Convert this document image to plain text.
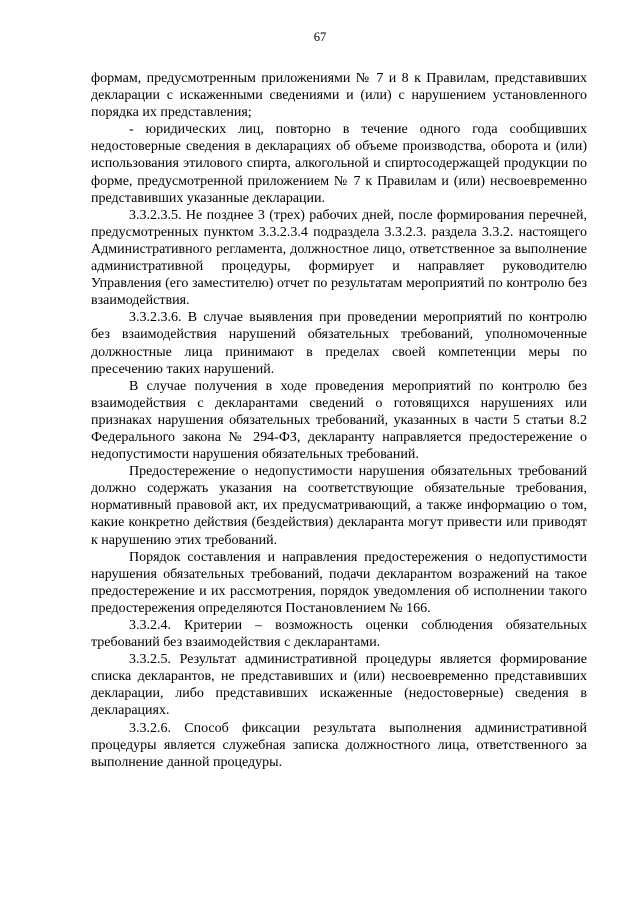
67

формам, предусмотренным приложениями № 7 и 8 к Правилам, представивших декларации с искаженными сведениями и (или) с нарушением установленного порядка их представления;

- юридических лиц, повторно в течение одного года сообщивших недостоверные сведения в декларациях об объеме производства, оборота и (или) использования этилового спирта, алкогольной и спиртосодержащей продукции по форме, предусмотренной приложением № 7 к Правилам и (или) несвоевременно представивших указанные декларации.

3.3.2.3.5. Не позднее 3 (трех) рабочих дней, после формирования перечней, предусмотренных пунктом 3.3.2.3.4 подраздела 3.3.2.3. раздела 3.3.2. настоящего Административного регламента, должностное лицо, ответственное за выполнение административной процедуры, формирует и направляет руководителю Управления (его заместителю) отчет по результатам мероприятий по контролю без взаимодействия.

3.3.2.3.6. В случае выявления при проведении мероприятий по контролю без взаимодействия нарушений обязательных требований, уполномоченные должностные лица принимают в пределах своей компетенции меры по пресечению таких нарушений.

В случае получения в ходе проведения мероприятий по контролю без взаимодействия с декларантами сведений о готовящихся нарушениях или признаках нарушения обязательных требований, указанных в части 5 статьи 8.2 Федерального закона № 294-ФЗ, декларанту направляется предостережение о недопустимости нарушения обязательных требований.

Предостережение о недопустимости нарушения обязательных требований должно содержать указания на соответствующие обязательные требования, нормативный правовой акт, их предусматривающий, а также информацию о том, какие конкретно действия (бездействия) декларанта могут привести или приводят к нарушению этих требований.

Порядок составления и направления предостережения о недопустимости нарушения обязательных требований, подачи декларантом возражений на такое предостережение и их рассмотрения, порядок уведомления об исполнении такого предостережения определяются Постановлением № 166.

3.3.2.4. Критерии – возможность оценки соблюдения обязательных требований без взаимодействия с декларантами.

3.3.2.5. Результат административной процедуры является формирование списка декларантов, не представивших и (или) несвоевременно представивших декларации, либо представивших искаженные (недостоверные) сведения в декларациях.

3.3.2.6. Способ фиксации результата выполнения административной процедуры является служебная записка должностного лица, ответственного за выполнение данной процедуры.
